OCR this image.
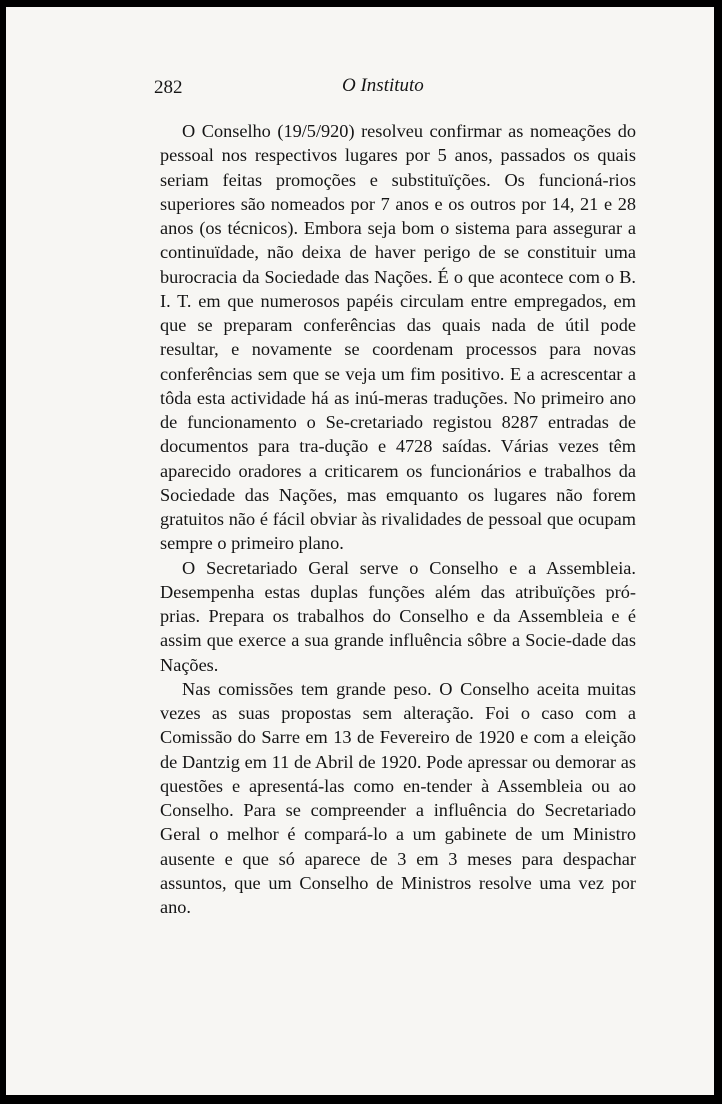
282	O Instituto

O Conselho (19/5/920) resolveu confirmar as nomeações do pessoal nos respectivos lugares por 5 anos, passados os quais seriam feitas promoções e substituïções. Os funcioná-rios superiores são nomeados por 7 anos e os outros por 14, 21 e 28 anos (os técnicos). Embora seja bom o sistema para assegurar a continuïdade, não deixa de haver perigo de se constituir uma burocracia da Sociedade das Nações. É o que acontece com o B. I. T. em que numerosos papéis circulam entre empregados, em que se preparam conferências das quais nada de útil pode resultar, e novamente se coordenam processos para novas conferências sem que se veja um fim positivo. E a acrescentar a tôda esta actividade há as inú-meras traduções. No primeiro ano de funcionamento o Se-cretariado registou 8287 entradas de documentos para tra-dução e 4728 saídas. Várias vezes têm aparecido oradores a criticarem os funcionários e trabalhos da Sociedade das Nações, mas emquanto os lugares não forem gratuitos não é fácil obviar às rivalidades de pessoal que ocupam sempre o primeiro plano.

O Secretariado Geral serve o Conselho e a Assembleia. Desempenha estas duplas funções além das atribuïções pró-prias. Prepara os trabalhos do Conselho e da Assembleia e é assim que exerce a sua grande influência sôbre a Socie-dade das Nações.

Nas comissões tem grande peso. O Conselho aceita muitas vezes as suas propostas sem alteração. Foi o caso com a Comissão do Sarre em 13 de Fevereiro de 1920 e com a eleição de Dantzig em 11 de Abril de 1920. Pode apressar ou demorar as questões e apresentá-las como en-tender à Assembleia ou ao Conselho. Para se compreender a influência do Secretariado Geral o melhor é compará-lo a um gabinete de um Ministro ausente e que só aparece de 3 em 3 meses para despachar assuntos, que um Conselho de Ministros resolve uma vez por ano.
